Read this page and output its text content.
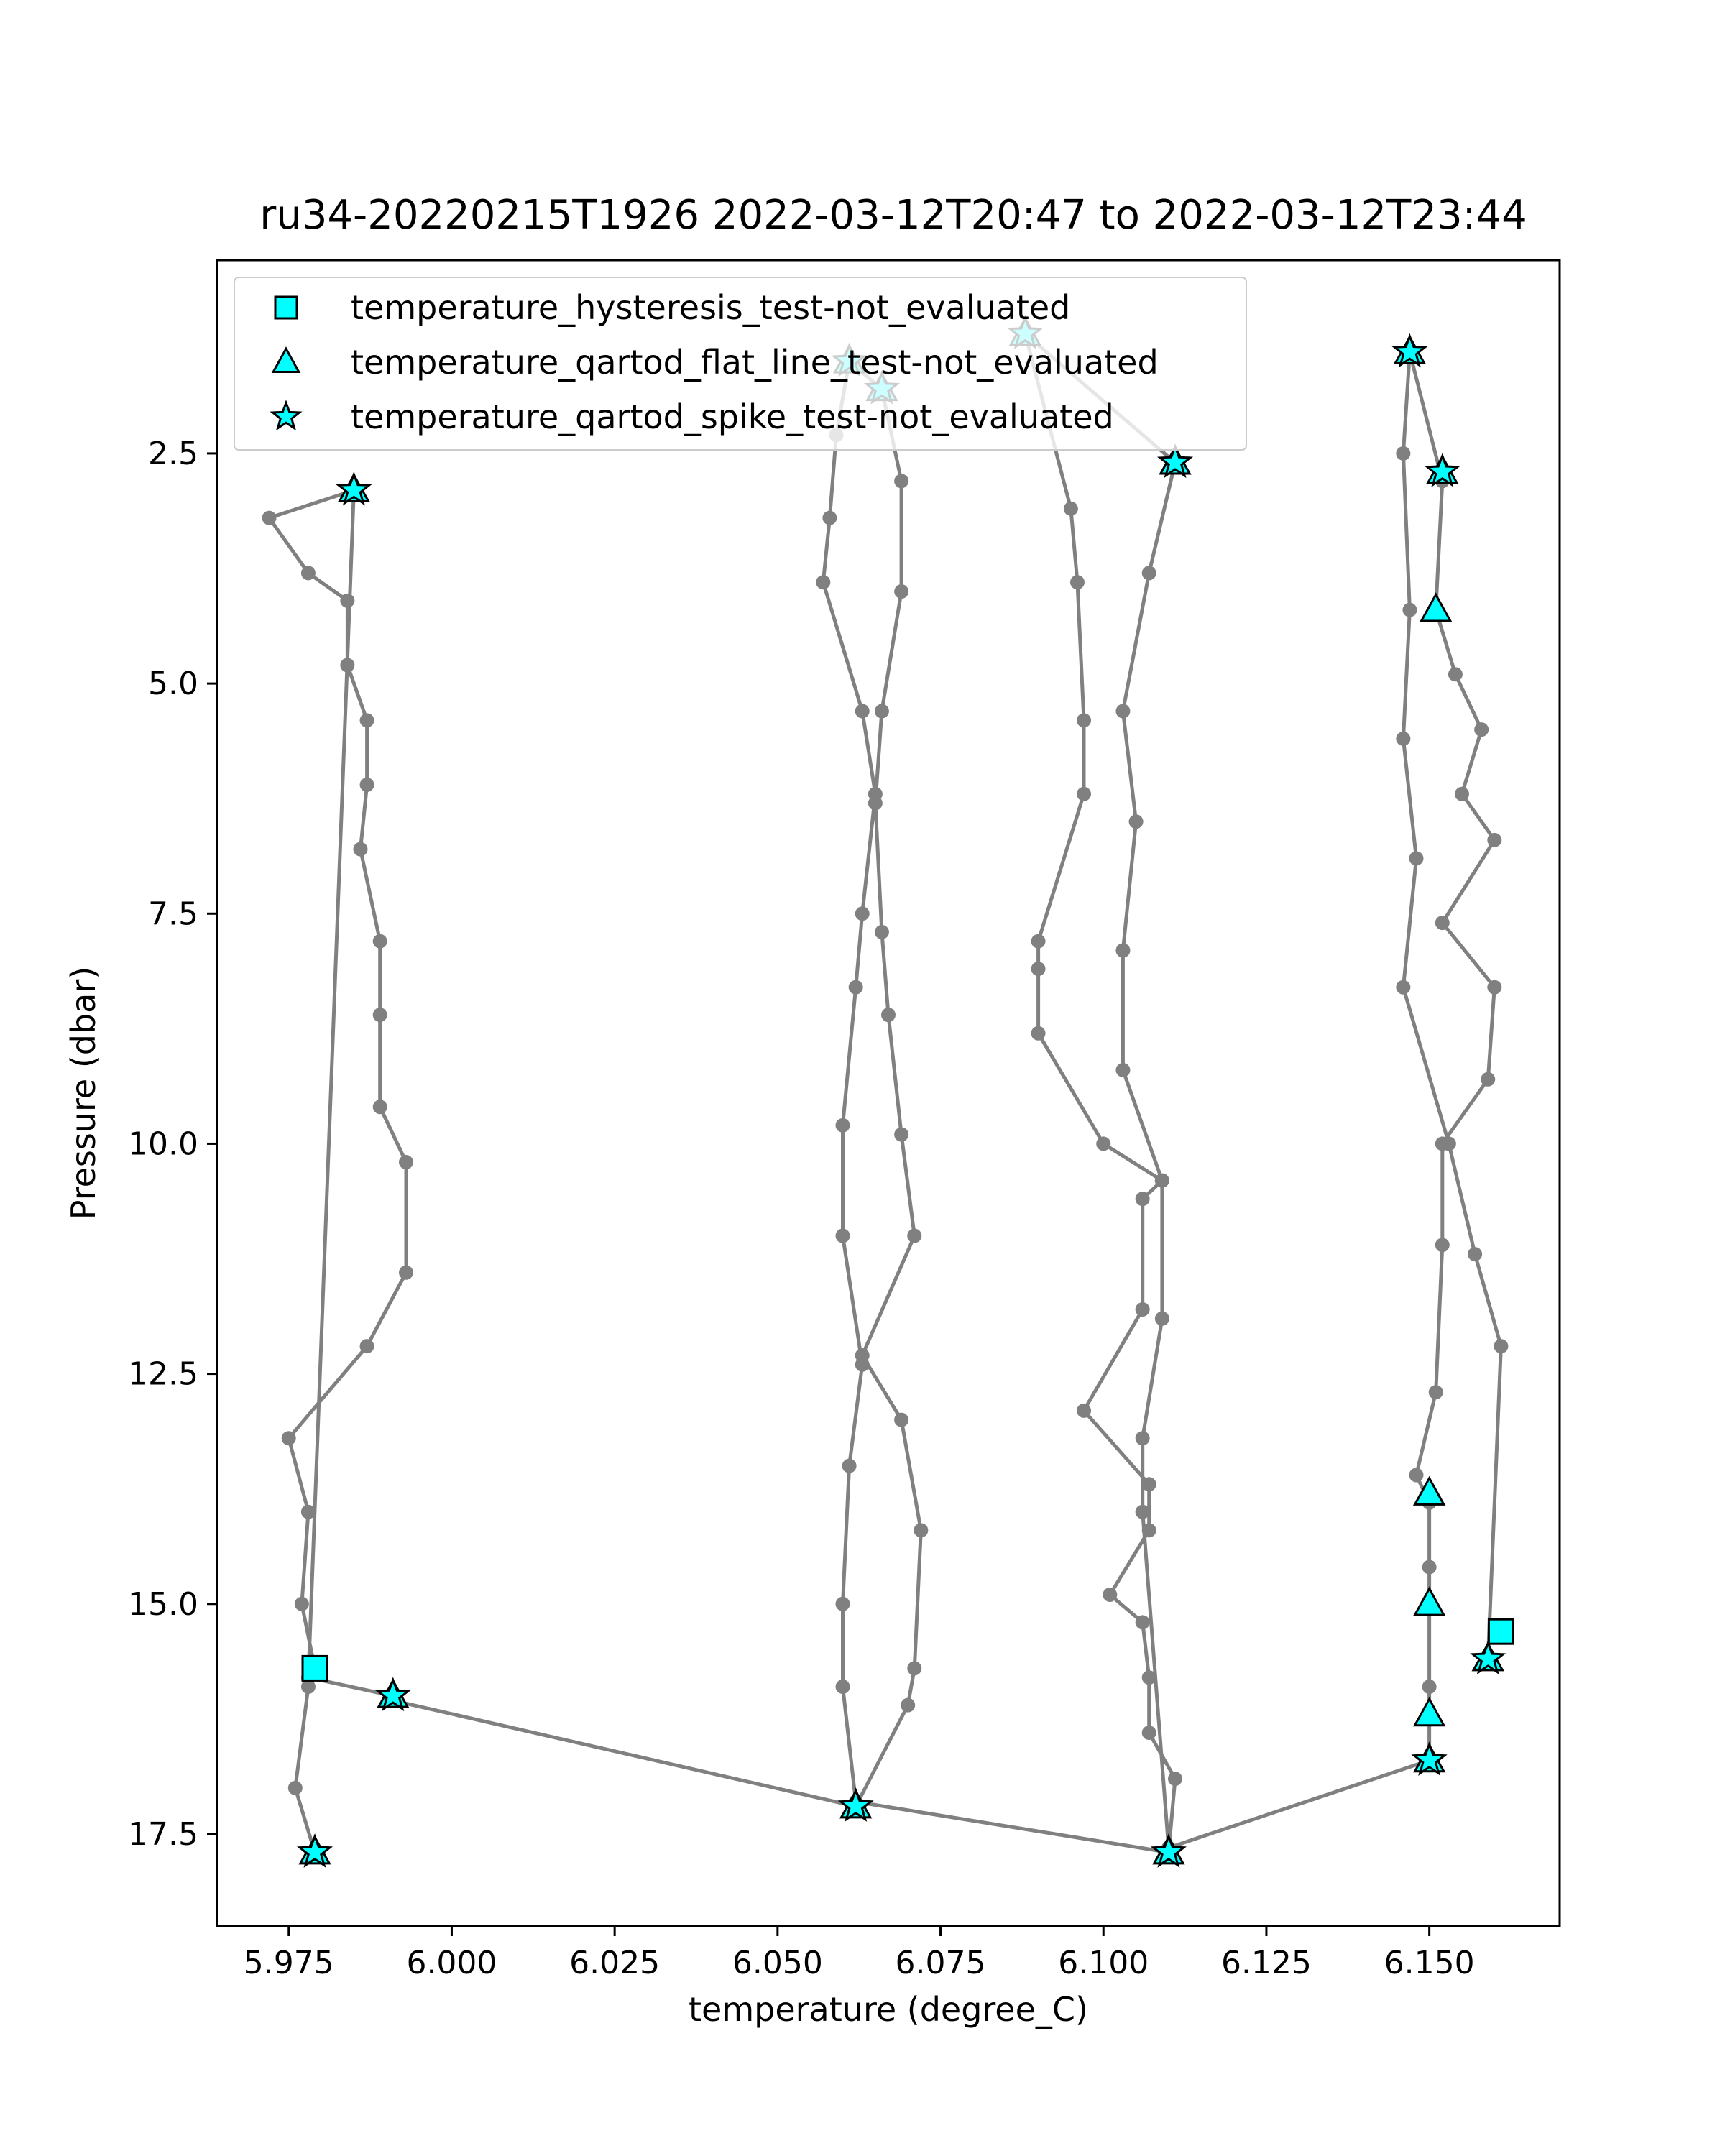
ru34-20220215T1926 2022-03-12T20:47 to 2022-03-12T23:44
5.975 6.000 6.025 6.050 6.075 6.100 6.125 6.150
2.5
5.0
7.5
10.0
12.5
15.0
17.5
temperature (degree_C)
Pressure (dbar)
temperature_hysteresis_test-not_evaluated
temperature_qartod_flat_line_test-not_evaluated
temperature_qartod_spike_test-not_evaluated
